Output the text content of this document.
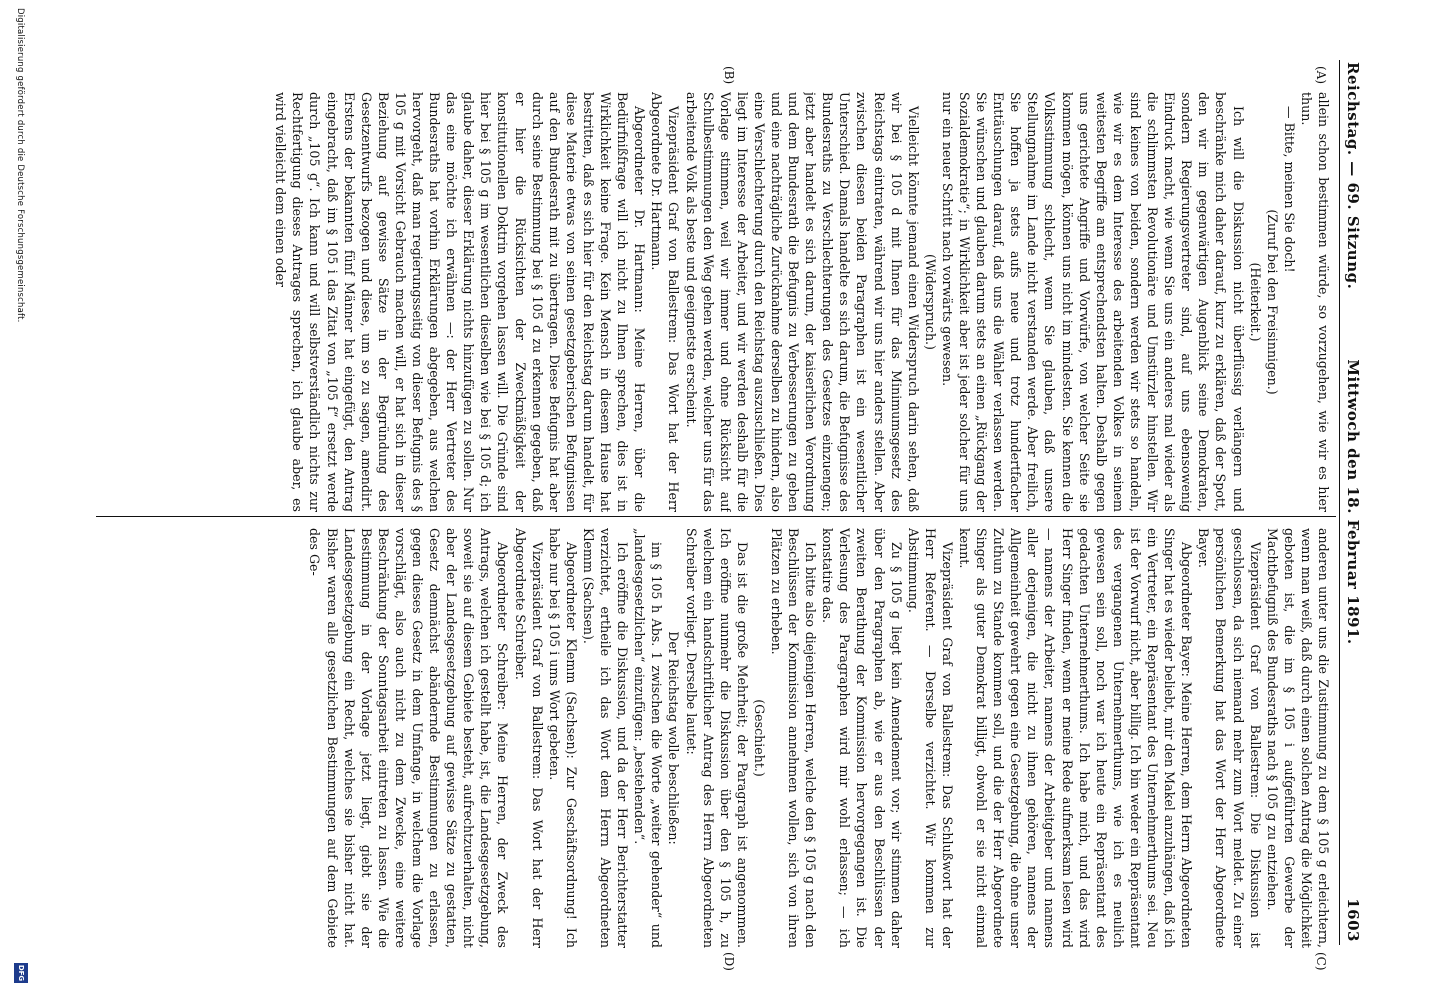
Reichstag. — 69. Sitzung.
Mittwoch den 18. Februar 1891.
1603
(A)
(B)
(C)
(D)

allein schon bestimmen würde, so vorzugehen, wie wir es hier thun.

— Bitte, meinen Sie doch!

(Zuruf bei den Freisinnigen.)

(Heiterkeit.)

Ich will die Diskussion nicht überflüssig verlängern und beschränke mich daher darauf, kurz zu erklären, daß der Spott, den wir im gegenwärtigen Augenblick seine Demokraten, sondern Regierungsvertreter sind, auf uns ebensowenig Eindruck macht, wie wenn Sie uns ein anderes mal wieder als die schlimmsten Revolutionäre und Umstürzler hinstellen. Wir sind keines von beiden, sondern werden wir stets so handeln, wie wir es dem Interesse des arbeitenden Volkes in seinem weitesten Begriffe am entsprechendsten halten. Deshalb gegen uns gerichtete Angriffe und Vorwürfe, von welcher Seite sie kommen mögen, können uns nicht im mindesten. Sie kennen die Volksstimmung schlecht, wenn Sie glauben, daß unsere Stellungnahme im Lande nicht verstanden werde. Aber freilich, Sie hoffen ja stets aufs neue und trotz hundertfacher Enttäuschungen darauf, daß uns die Wähler verlassen werden. Sie wünschen und glauben darum stets an einen „Rückgang der Sozialdemokratie“; in Wirklichkeit aber ist jeder solcher für uns nur ein neuer Schritt nach vorwärts gewesen.

(Widerspruch.)

Vielleicht könnte jemand einen Widerspruch darin sehen, daß wir bei § 105 d mit Ihnen für das Minimumsgesetz des Reichstags eintraten, während wir uns hier anders stellen. Aber zwischen diesen beiden Paragraphen ist ein wesentlicher Unterschied. Damals handelte es sich darum, die Befugnisse des Bundesraths zu Verschlechterungen des Gesetzes einzuengen; jetzt aber handelt es sich darum, der kaiserlichen Verordnung und dem Bundesrath die Befugnis zu Verbesserungen zu geben und eine nachträgliche Zurücknahme derselben zu hindern, also eine Verschlechterung durch den Reichstag auszuschließen. Dies liegt im Interesse der Arbeiter, und wir werden deshalb für die Vorlage stimmen, weil wir immer und ohne Rücksicht auf Schulbestimmungen den Weg gehen werden, welcher uns für das arbeitende Volk als beste und geeignetste erscheint.

Vizepräsident Graf von Ballestrem: Das Wort hat der Herr Abgeordnete Dr. Hartmann.

Abgeordneter Dr. Hartmann: Meine Herren, über die Bedürfnißfrage will ich nicht zu Ihnen sprechen, dies ist in Wirklichkeit keine Frage. Kein Mensch in diesem Hause hat bestritten, daß es sich hier für den Reichstag darum handelt, für diese Materie etwas von seinen gesetzgeberischen Befugnissen auf den Bundesrath mit zu übertragen. Diese Befugnis hat aber durch seine Bestimmung bei § 105 d zu erkennen gegeben, daß er hier die Rücksichten der Zweckmäßigkeit der konstitutionellen Doktrin vorgehen lassen will. Die Gründe sind hier bei § 105 g im wesentlichen dieselben wie bei § 105 d; ich glaube daher, dieser Erklärung nichts hinzufügen zu sollen. Nur das eine möchte ich erwähnen —: der Herr Vertreter des Bundesraths hat vorhin Erklärungen abgegeben, aus welchen hervorgeht, daß man regierungsseitig von dieser Befugnis des § 105 g mit Vorsicht Gebrauch machen will, er hat sich in dieser Beziehung auf gewisse Sätze in der Begründung des Gesetzentwurfs bezogen und diese, um so zu sagen, amendirt. Erstens der bekannten fünf Männer hat eingefügt, den Antrag eingebracht, daß im § 105 i das Zitat von „105 f“ ersetzt werde durch „105 g“. Ich kann und will selbstverständlich nichts zur Rechtfertigung dieses Antrages sprechen, ich glaube aber, es wird vielleicht dem einen oder

anderen unter uns die Zustimmung zu dem § 105 g erleichtern, wenn man weiß, daß durch einen solchen Antrag die Möglichkeit geboten ist, die im § 105 i aufgeführten Gewerbe der Machtbefugniß des Bundesraths nach § 105 g zu entziehen.

Vizepräsident Graf von Ballestrem: Die Diskussion ist geschlossen, da sich niemand mehr zum Wort meldet. Zu einer persönlichen Bemerkung hat das Wort der Herr Abgeordnete Bayer.

Abgeordneter Bayer: Meine Herren, dem Herrn Abgeordneten Singer hat es wieder beliebt, mir den Makel anzuhängen, daß ich ein Vertreter, ein Repräsentant des Unternehmerthums sei. Neu ist der Vorwurf nicht, aber billig. Ich bin weder ein Repräsentant des vergangenen Unternehmerthums, wie ich es neulich gewesen sein soll, noch war ich heute ein Repräsentant des gedachten Unternehmerthums. Ich habe mich, und das wird Herr Singer finden, wenn er meine Rede aufmerksam lesen wird — namens der Arbeiter, namens der Arbeitgeber und namens aller derjenigen, die nicht zu ihnen gehören, namens der Allgemeinheit gewehrt gegen eine Gesetzgebung, die ohne unser Zuthun zu Stande kommen soll, und die der Herr Abgeordnete Singer als guter Demokrat billigt, obwohl er sie nicht einmal kennt.

Vizepräsident Graf von Ballestrem: Das Schlußwort hat der Herr Referent. — Derselbe verzichtet. Wir kommen zur Abstimmung.

Zu § 105 g liegt kein Amendement vor; wir stimmen daher über den Paragraphen ab, wie er aus den Beschlüssen der zweiten Berathung der Kommission hervorgegangen ist. Die Verlesung des Paragraphen wird mir wohl erlassen; — ich konstatire das.

Ich bitte also diejenigen Herren, welche den § 105 g nach den Beschlüssen der Kommission annehmen wollen, sich von ihren Plätzen zu erheben.

(Geschieht.)

Das ist die große Mehrheit; der Paragraph ist angenommen. Ich eröffne nunmehr die Diskussion über den § 105 h, zu welchem ein handschriftlicher Antrag des Herrn Abgeordneten Schreiber vorliegt. Derselbe lautet:

Der Reichstag wolle beschließen:

im § 105 h Abs. 1 zwischen die Worte „weiter gehender“ und „landesgesetzlichen“ einzufügen: „bestehenden“.

Ich eröffne die Diskussion, und da der Herr Berichterstatter verzichtet, ertheile ich das Wort dem Herrn Abgeordneten Klemm (Sachsen).

Abgeordneter Klemm (Sachsen): Zur Geschäftsordnung! Ich habe nur bei § 105 i ums Wort gebeten.

Vizepräsident Graf von Ballestrem: Das Wort hat der Herr Abgeordnete Schreiber.

Abgeordneter Schreiber: Meine Herren, der Zweck des Antrags, welchen ich gestellt habe, ist, die Landesgesetzgebung, soweit sie auf diesem Gebiete besteht, aufrechtzuerhalten, nicht aber der Landesgesetzgebung auf gewisse Sätze zu gestatten, Gesetz demnächst abändernde Bestimmungen zu erlassen, gegen dieses Gesetz in dem Umfange, in welchem die Vorlage vorschlägt, also auch nicht zu dem Zwecke, eine weitere Beschränkung der Sonntagsarbeit eintreten zu lassen. Wie die Bestimmung in der Vorlage jetzt liegt, giebt sie der Landesgesetzgebung ein Recht, welches sie bisher nicht hat. Bisher waren alle gesetzlichen Bestimmungen auf dem Gebiete des Ge-

Digitalisierung gefördert durch die Deutsche Forschungsgemeinschaft.
DFG
